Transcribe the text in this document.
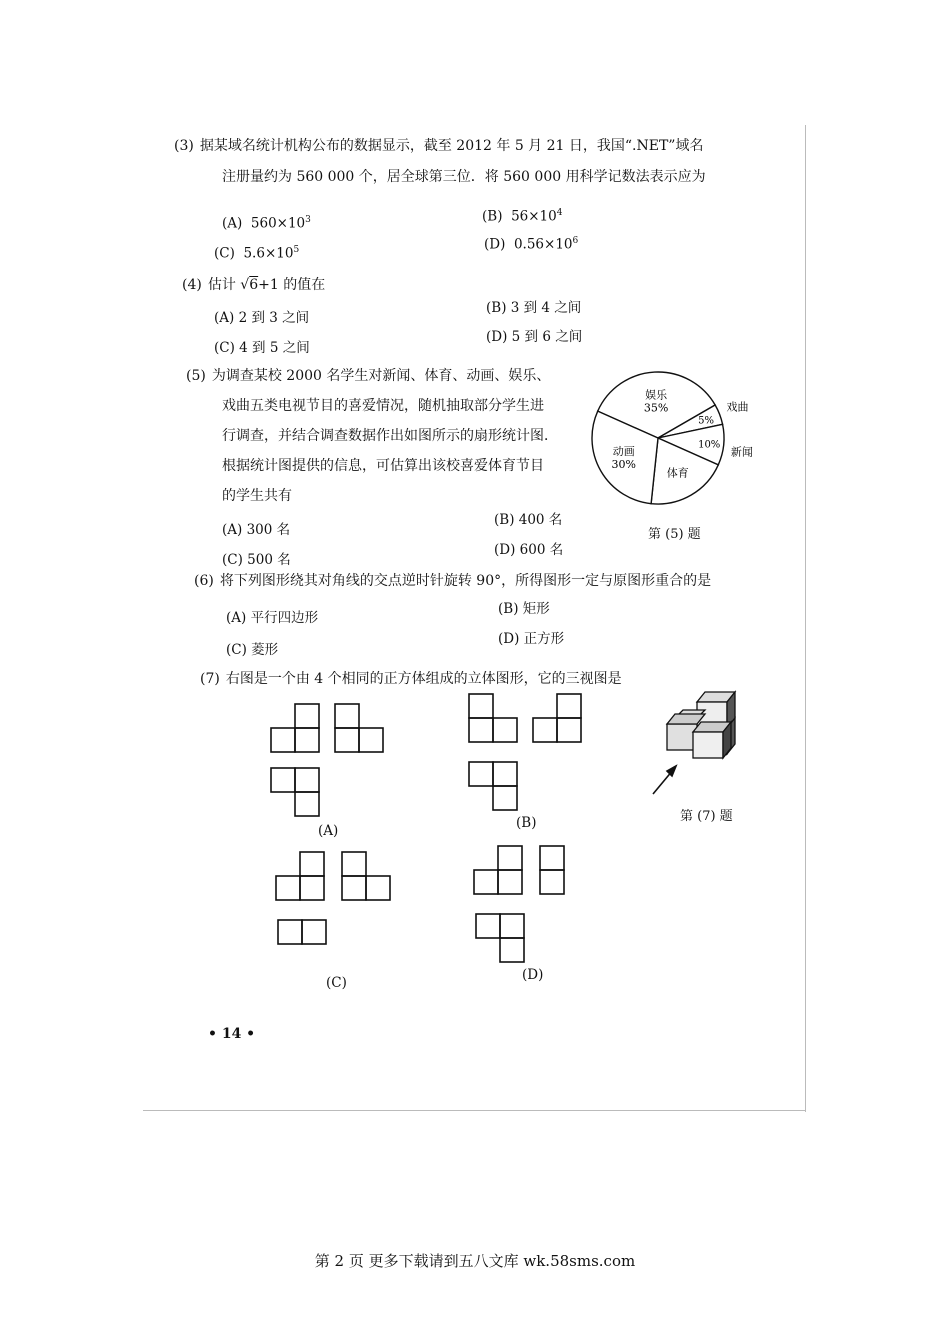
(3) 据某域名统计机构公布的数据显示，截至 2012 年 5 月 21 日，我国“.NET”域名
注册量约为 560 000 个，居全球第三位．将 560 000 用科学记数法表示应为
(A) $560\times 10^3$	(B) $56\times 10^4$
(C) $5.6\times 10^5$	(D) $0.56\times 10^6$
(4) 估计 √6+1 的值在
(A) 2 到 3 之间
(B) 3 到 4 之间
(C) 4 到 5 之间
(D) 5 到 6 之间
(5) 为调查某校 2000 名学生对新闻、体育、动画、娱乐、
戏曲五类电视节目的喜爱情况，随机抽取部分学生进
行调查，并结合调查数据作出如图所示的扇形统计图．
根据统计图提供的信息，可估算出该校喜爱体育节目
的学生共有
(A) 300 名
(B) 400 名
(C) 500 名
(D) 600 名
娱乐
35%
5%
戏曲
10%
新闻
体育
动画
30%
第 (5) 题
(6) 将下列图形绕其对角线的交点逆时针旋转 90°，所得图形一定与原图形重合的是
(A) 平行四边形
(B) 矩形
(C) 菱形
(D) 正方形
(7) 右图是一个由 4 个相同的正方体组成的立体图形，它的三视图是
(A)	(B)
(C)	(D)
第 (7) 题
• 14 •
第 2 页 更多下载请到五八文库 wk.58sms.com
